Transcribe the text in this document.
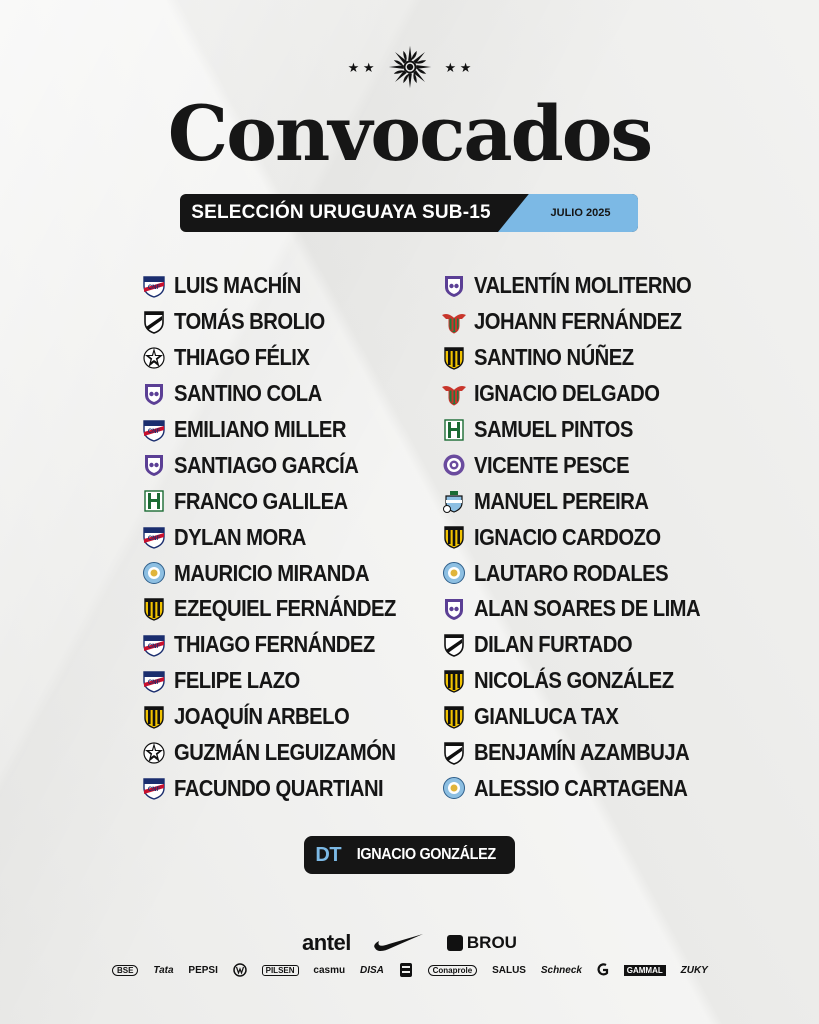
★ ★	★ ★
Convocados
SELECCIÓN URUGUAYA SUB-15	JULIO 2025
CNF LUIS MACHÍN
TOMÁS BROLIO
THIAGO FÉLIX
SANTINO COLA
CNF EMILIANO MILLER
SANTIAGO GARCÍA
FRANCO GALILEA
CNF DYLAN MORA
MAURICIO MIRANDA
EZEQUIEL FERNÁNDEZ
CNF THIAGO FERNÁNDEZ
CNF FELIPE LAZO
JOAQUÍN ARBELO
GUZMÁN LEGUIZAMÓN
CNF FACUNDO QUARTIANI
VALENTÍN MOLITERNO
JOHANN FERNÁNDEZ
SANTINO NÚÑEZ
IGNACIO DELGADO
SAMUEL PINTOS
VICENTE PESCE
MANUEL PEREIRA
IGNACIO CARDOZO
LAUTARO RODALES
ALAN SOARES DE LIMA
DILAN FURTADO
NICOLÁS GONZÁLEZ
GIANLUCA TAX
BENJAMÍN AZAMBUJA
ALESSIO CARTAGENA
DT IGNACIO GONZÁLEZ
antel	BROU
BSE	Tata PEPSI	PILSEN	casmu DISA	Conaprole	SALUS Schneck	GAMMAL	ZUKY
